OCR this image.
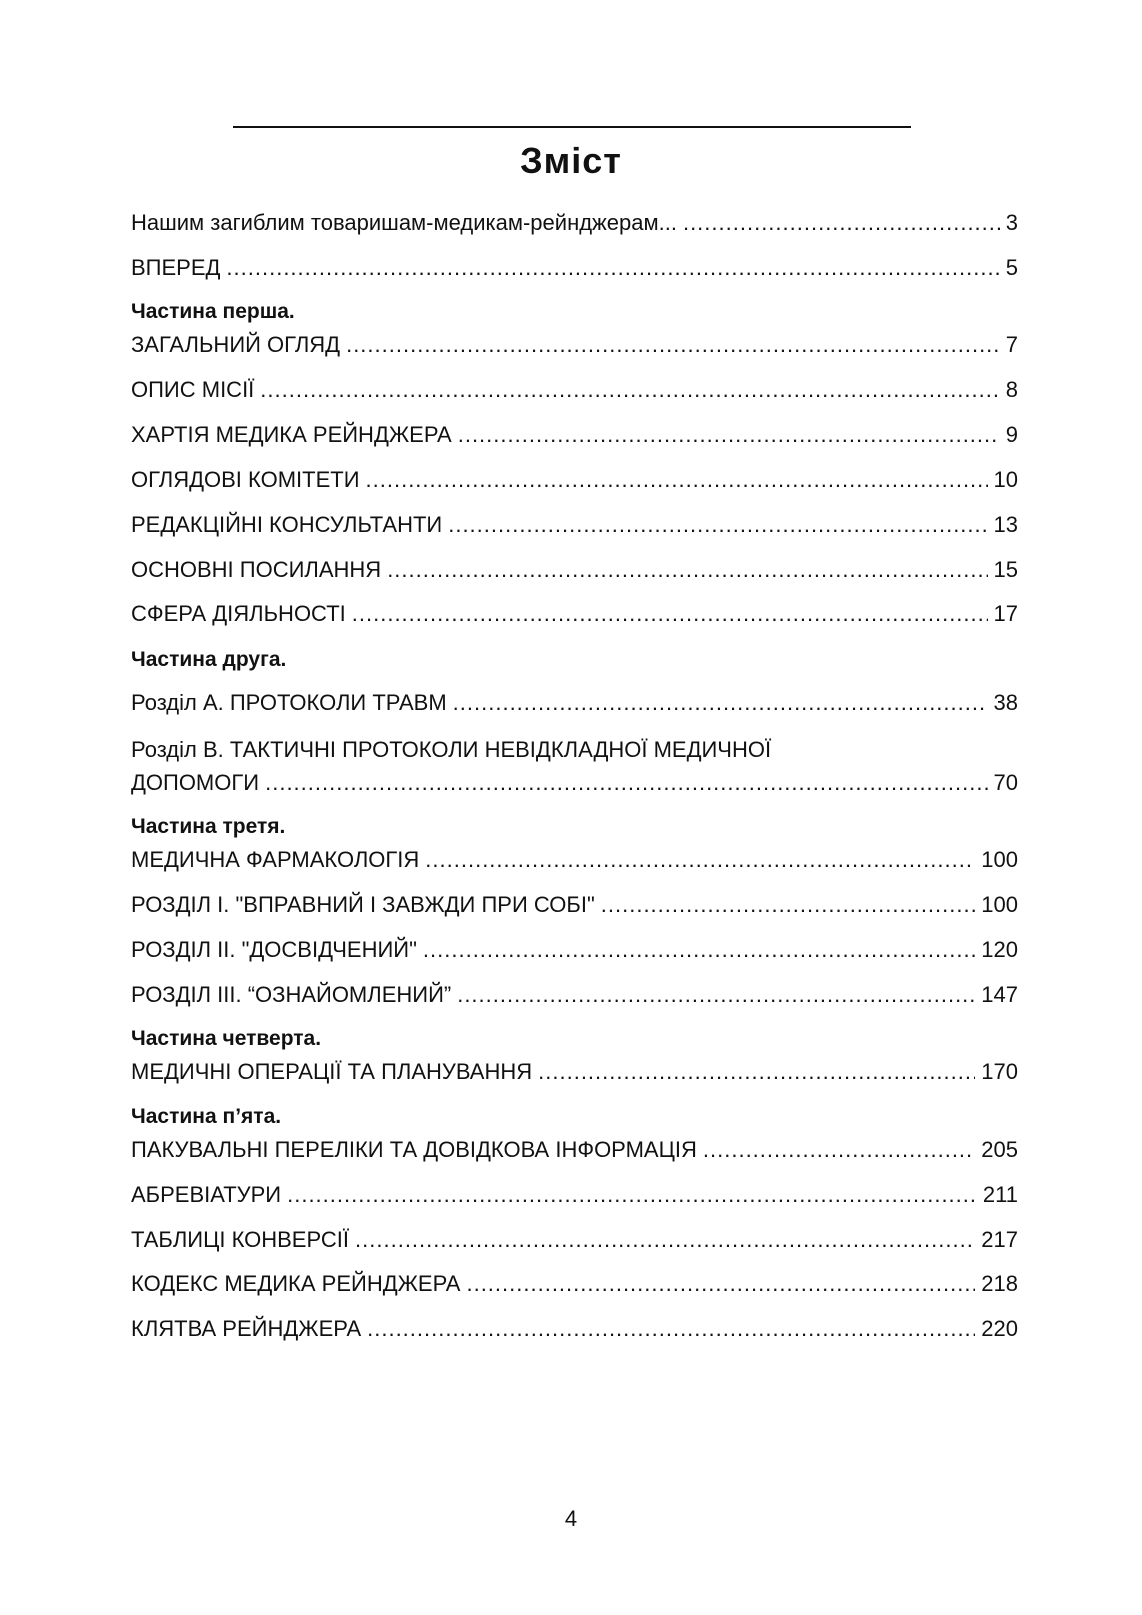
Зміст
Нашим загиблим товаришам-медикам-рейнджерам... .....	3
ВПЕРЕД .....	5
Частина перша.
ЗАГАЛЬНИЙ ОГЛЯД .....	7
ОПИС МІСІЇ .....	8
ХАРТІЯ МЕДИКА РЕЙНДЖЕРА .....	9
ОГЛЯДОВІ КОМІТЕТИ .....	10
РЕДАКЦІЙНІ КОНСУЛЬТАНТИ .....	13
ОСНОВНІ ПОСИЛАННЯ .....	15
СФЕРА ДІЯЛЬНОСТІ .....	17
Частина друга.
Розділ А. ПРОТОКОЛИ ТРАВМ .....	38
Розділ В. ТАКТИЧНІ ПРОТОКОЛИ НЕВІДКЛАДНОЇ МЕДИЧНОЇ
ДОПОМОГИ .....	70
Частина третя.
МЕДИЧНА ФАРМАКОЛОГІЯ .....	100
РОЗДІЛ І. "ВПРАВНИЙ І ЗАВЖДИ ПРИ СОБІ" .....	100
РОЗДІЛ ІІ. "ДОСВІДЧЕНИЙ" .....	120
РОЗДІЛ ІІІ. “ОЗНАЙОМЛЕНИЙ” .....	147
Частина четверта.
МЕДИЧНІ ОПЕРАЦІЇ ТА ПЛАНУВАННЯ .....	170
Частина п’ята.
ПАКУВАЛЬНІ ПЕРЕЛІКИ ТА ДОВІДКОВА ІНФОРМАЦІЯ .....	205
АБРЕВІАТУРИ .....	211
ТАБЛИЦІ КОНВЕРСІЇ .....	217
КОДЕКС МЕДИКА РЕЙНДЖЕРА .....	218
КЛЯТВА РЕЙНДЖЕРА .....	220
4
